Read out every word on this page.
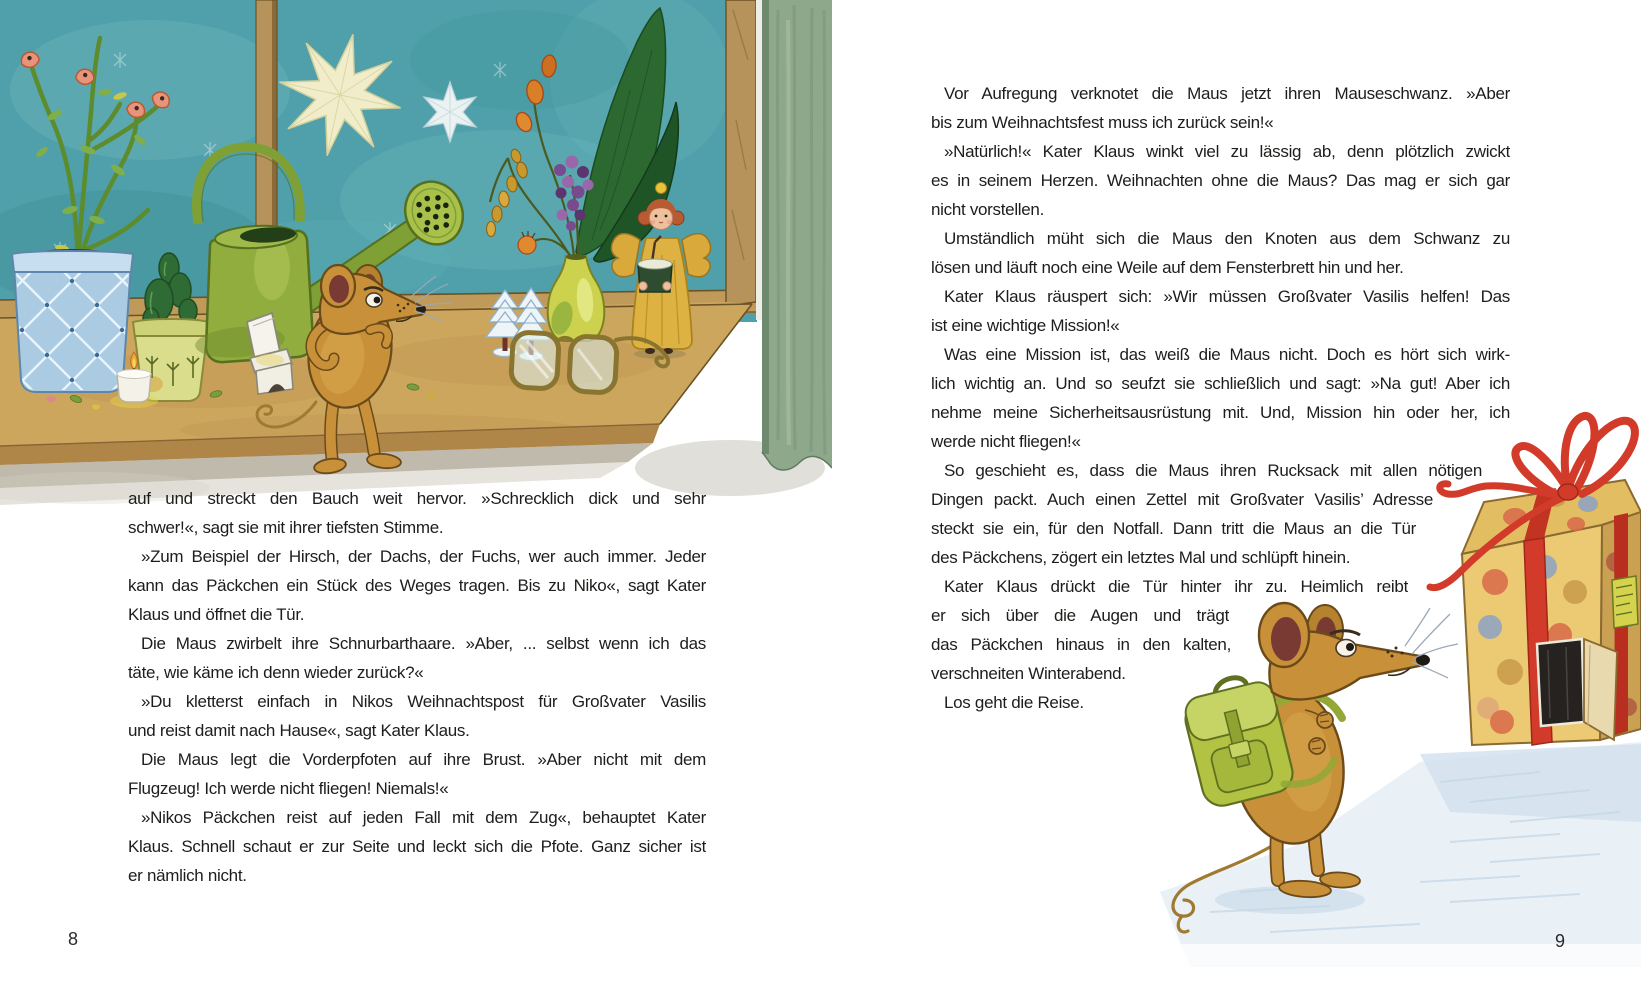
auf und streckt den Bauch weit hervor. »Schrecklich dick und sehr
schwer!«, sagt sie mit ihrer tiefsten Stimme.
»Zum Beispiel der Hirsch, der Dachs, der Fuchs, wer auch immer. Jeder
kann das Päckchen ein Stück des Weges tragen. Bis zu Niko«, sagt Kater
Klaus und öffnet die Tür.
Die Maus zwirbelt ihre Schnurbarthaare. »Aber, ... selbst wenn ich das
täte, wie käme ich denn wieder zurück?«
»Du kletterst einfach in Nikos Weihnachtspost für Großvater Vasilis
und reist damit nach Hause«, sagt Kater Klaus.
Die Maus legt die Vorderpfoten auf ihre Brust. »Aber nicht mit dem
Flugzeug! Ich werde nicht fliegen! Niemals!«
»Nikos Päckchen reist auf jeden Fall mit dem Zug«, behauptet Kater
Klaus. Schnell schaut er zur Seite und leckt sich die Pfote. Ganz sicher ist
er nämlich nicht.
Vor Aufregung verknotet die Maus jetzt ihren Mauseschwanz. »Aber
bis zum Weihnachtsfest muss ich zurück sein!«
»Natürlich!« Kater Klaus winkt viel zu lässig ab, denn plötzlich zwickt
es in seinem Herzen. Weihnachten ohne die Maus? Das mag er sich gar
nicht vorstellen.
Umständlich müht sich die Maus den Knoten aus dem Schwanz zu
lösen und läuft noch eine Weile auf dem Fensterbrett hin und her.
Kater Klaus räuspert sich: »Wir müssen Großvater Vasilis helfen! Das
ist eine wichtige Mission!«
Was eine Mission ist, das weiß die Maus nicht. Doch es hört sich wirk-
lich wichtig an. Und so seufzt sie schließlich und sagt: »Na gut! Aber ich
nehme meine Sicherheitsausrüstung mit. Und, Mission hin oder her, ich
werde nicht fliegen!«
So geschieht es, dass die Maus ihren Rucksack mit allen nötigen
Dingen packt. Auch einen Zettel mit Großvater Vasilis’ Adresse
steckt sie ein, für den Notfall. Dann tritt die Maus an die Tür
des Päckchens, zögert ein letztes Mal und schlüpft hinein.
Kater Klaus drückt die Tür hinter ihr zu. Heimlich reibt
er sich über die Augen und trägt
das Päckchen hinaus in den kalten,
verschneiten Winterabend.
Los geht die Reise.
8	9
